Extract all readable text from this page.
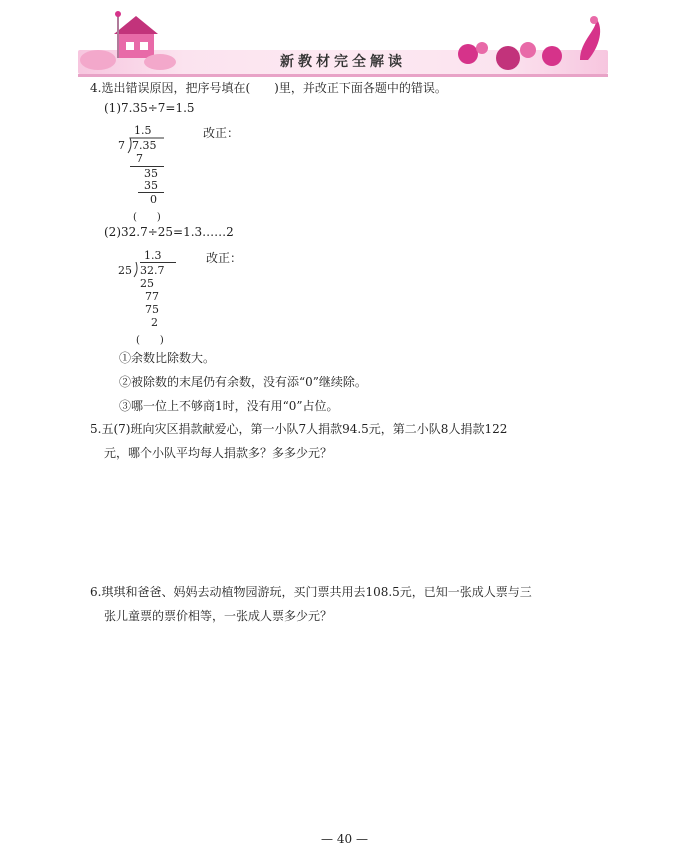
新教材完全解读
4.选出错误原因，把序号填在(　　)里，并改正下面各题中的错误。
(1)7.35÷7=1.5
改正：
1.5
7 7.35
7
35
35
0
(　　)
(2)32.7÷25=1.3……2
改正：
1.3
25 32.7
25
77
75
2
(　　)
①余数比除数大。
②被除数的末尾仍有余数，没有添“0”继续除。
③哪一位上不够商1时，没有用“0”占位。
5.五(7)班向灾区捐款献爱心，第一小队7人捐款94.5元，第二小队8人捐款122
元，哪个小队平均每人捐款多？多多少元？
6.琪琪和爸爸、妈妈去动植物园游玩，买门票共用去108.5元，已知一张成人票与三
张儿童票的票价相等，一张成人票多少元？
— 40 —
